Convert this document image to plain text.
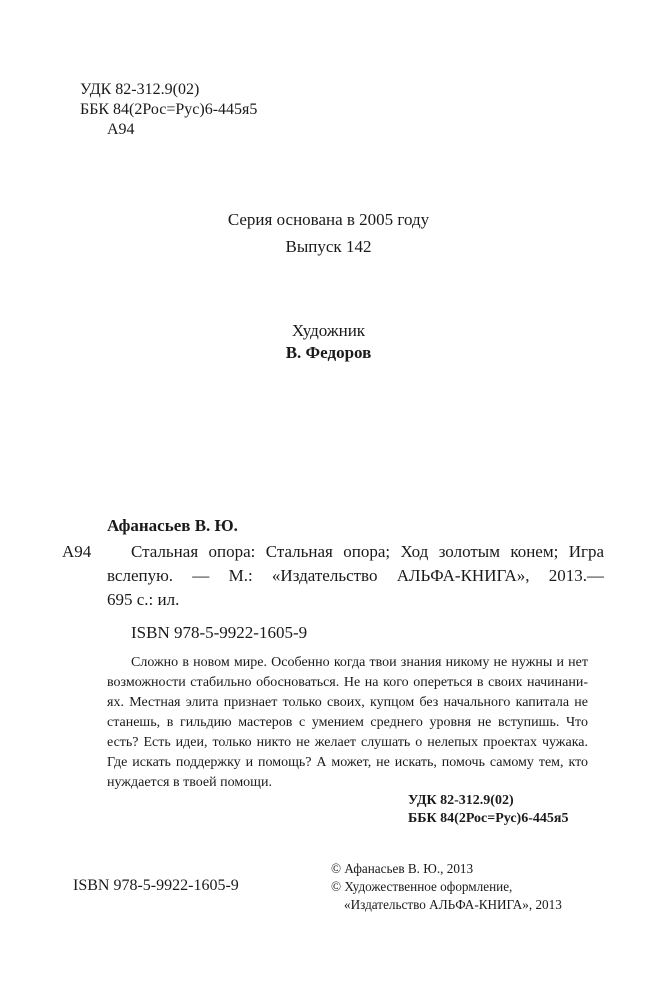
УДК 82-312.9(02)
ББК 84(2Рос=Рус)6-445я5
А94
Серия основана в 2005 году
Выпуск 142
Художник
В. Федоров
Афанасьев В. Ю.
А94 Стальная опора: Стальная опора; Ход золотым конем; Игра
вслепую. — М.: «Издательство АЛЬФА-КНИГА», 2013.—
695 с.: ил.
ISBN 978-5-9922-1605-9
Сложно в новом мире. Особенно когда твои знания никому не нужны и нет
возможности стабильно обосноваться. Не на кого опереться в своих начинани-
ях. Местная элита признает только своих, купцом без начального капитала не
станешь, в гильдию мастеров с умением среднего уровня не вступишь. Что
есть? Есть идеи, только никто не желает слушать о нелепых проектах чужака.
Где искать поддержку и помощь? А может, не искать, помочь самому тем, кто
нуждается в твоей помощи.
УДК 82-312.9(02)
ББК 84(2Рос=Рус)6-445я5
ISBN 978-5-9922-1605-9
© Афанасьев В. Ю., 2013
© Художественное оформление,
«Издательство АЛЬФА-КНИГА», 2013
